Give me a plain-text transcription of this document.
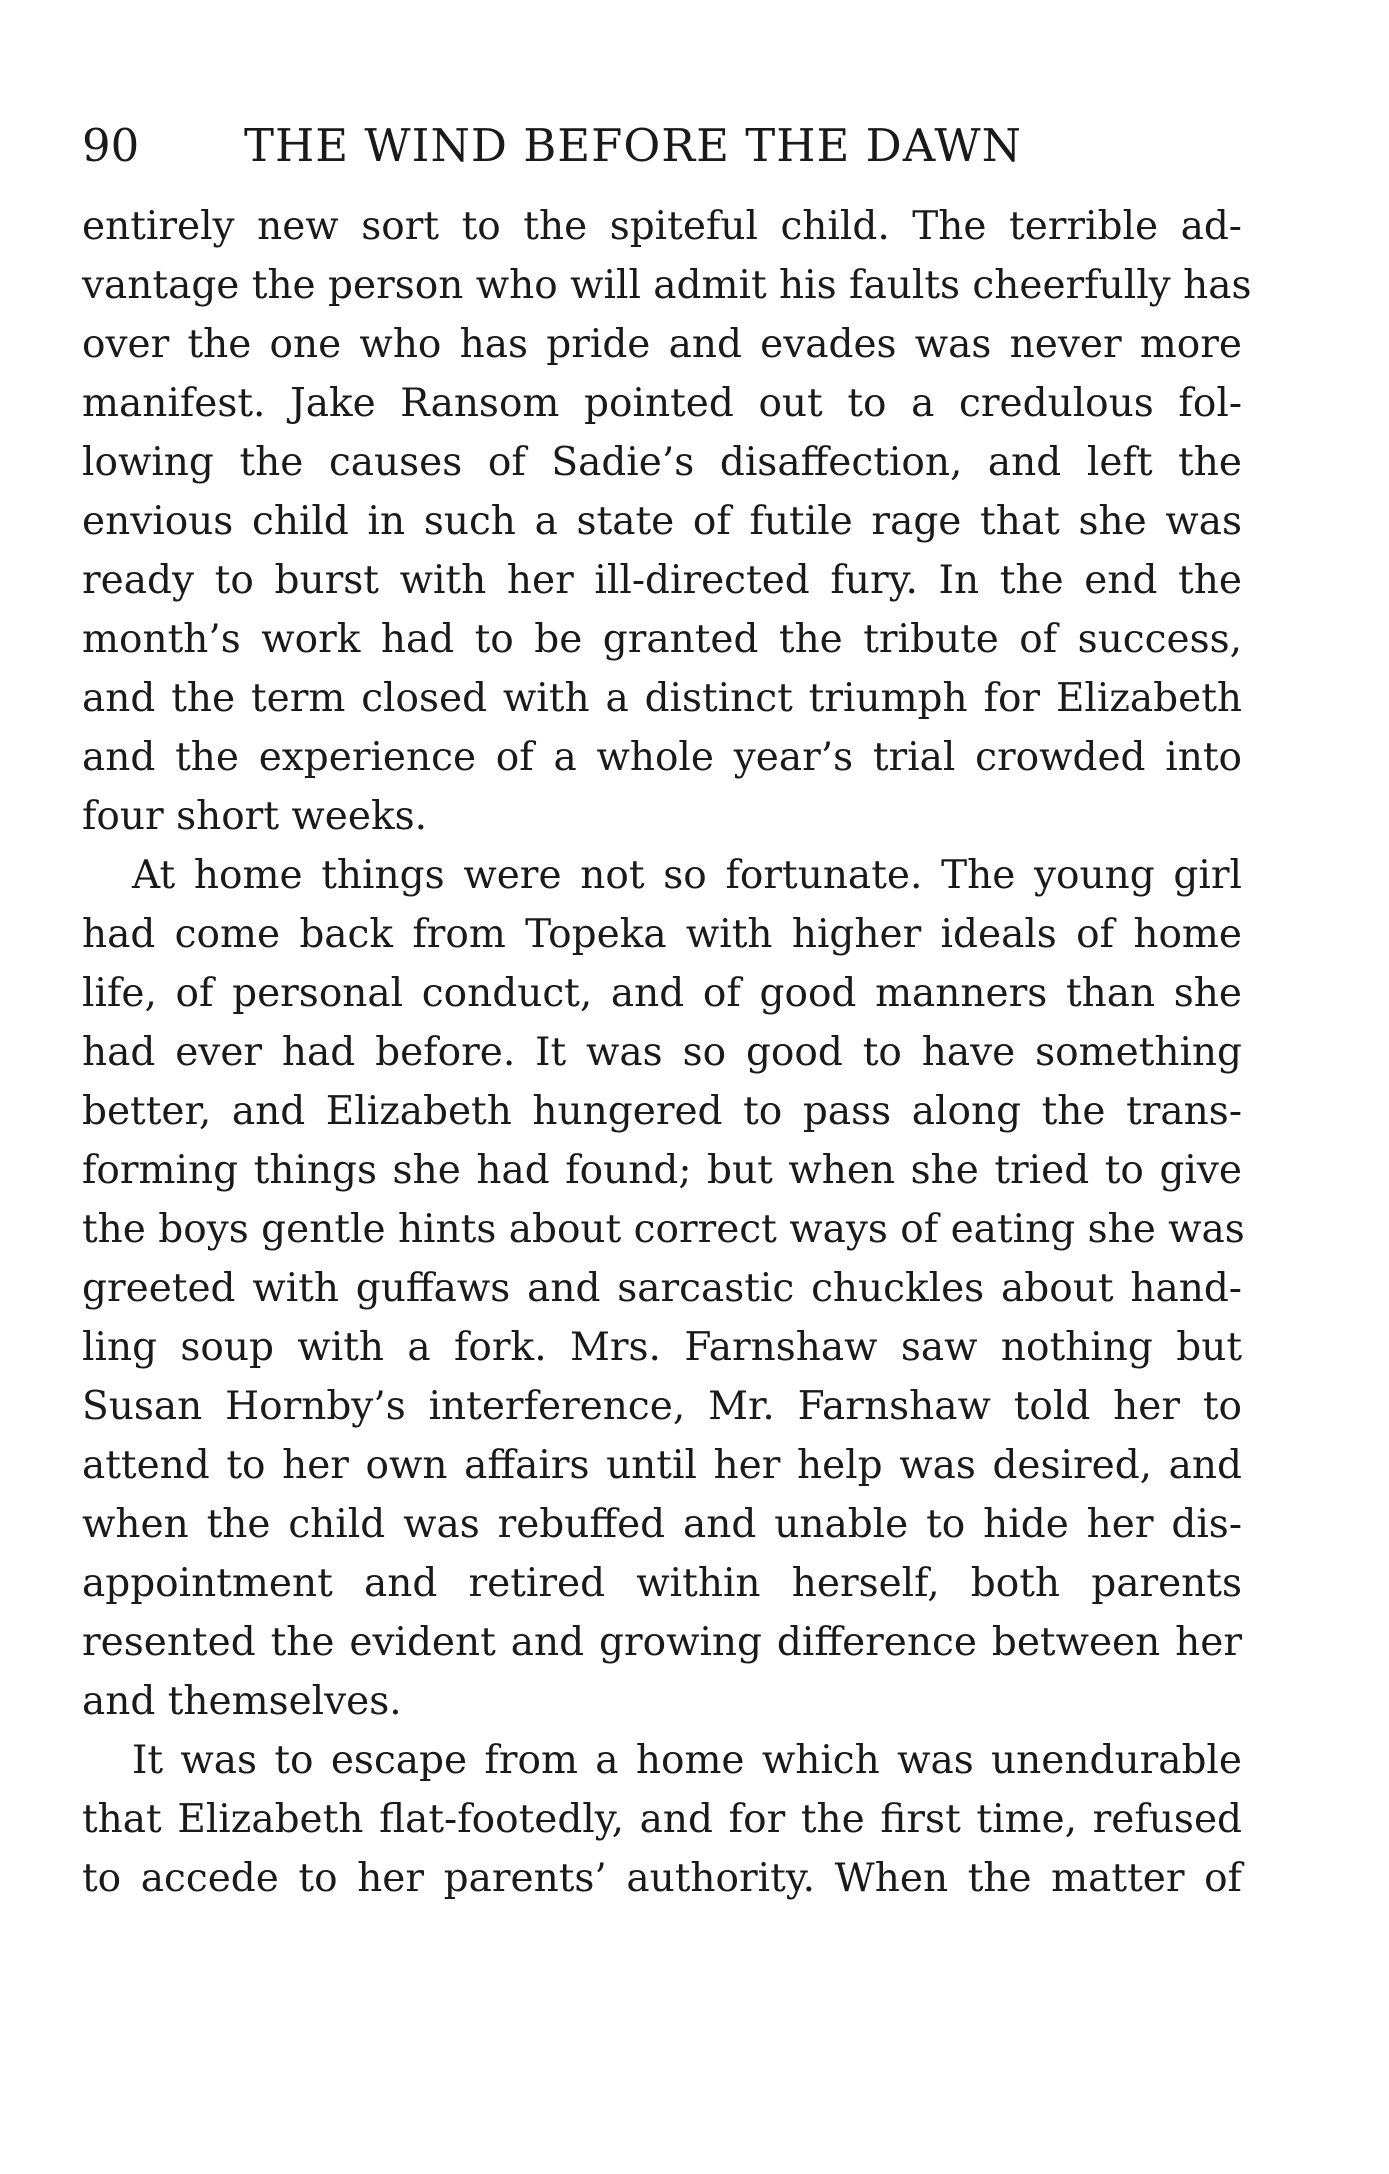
90 THE WIND BEFORE THE DAWN
entirely new sort to the spiteful child. The terrible ad-
vantage the person who will admit his faults cheerfully has
over the one who has pride and evades was never more
manifest. Jake Ransom pointed out to a credulous fol-
lowing the causes of Sadie’s disaffection, and left the
envious child in such a state of futile rage that she was
ready to burst with her ill-directed fury. In the end the
month’s work had to be granted the tribute of success,
and the term closed with a distinct triumph for Elizabeth
and the experience of a whole year’s trial crowded into
four short weeks.
At home things were not so fortunate. The young girl
had come back from Topeka with higher ideals of home
life, of personal conduct, and of good manners than she
had ever had before. It was so good to have something
better, and Elizabeth hungered to pass along the trans-
forming things she had found; but when she tried to give
the boys gentle hints about correct ways of eating she was
greeted with guffaws and sarcastic chuckles about hand-
ling soup with a fork. Mrs. Farnshaw saw nothing but
Susan Hornby’s interference, Mr. Farnshaw told her to
attend to her own affairs until her help was desired, and
when the child was rebuffed and unable to hide her dis-
appointment and retired within herself, both parents
resented the evident and growing difference between her
and themselves.
It was to escape from a home which was unendurable
that Elizabeth flat-footedly, and for the first time, refused
to accede to her parents’ authority. When the matter of
